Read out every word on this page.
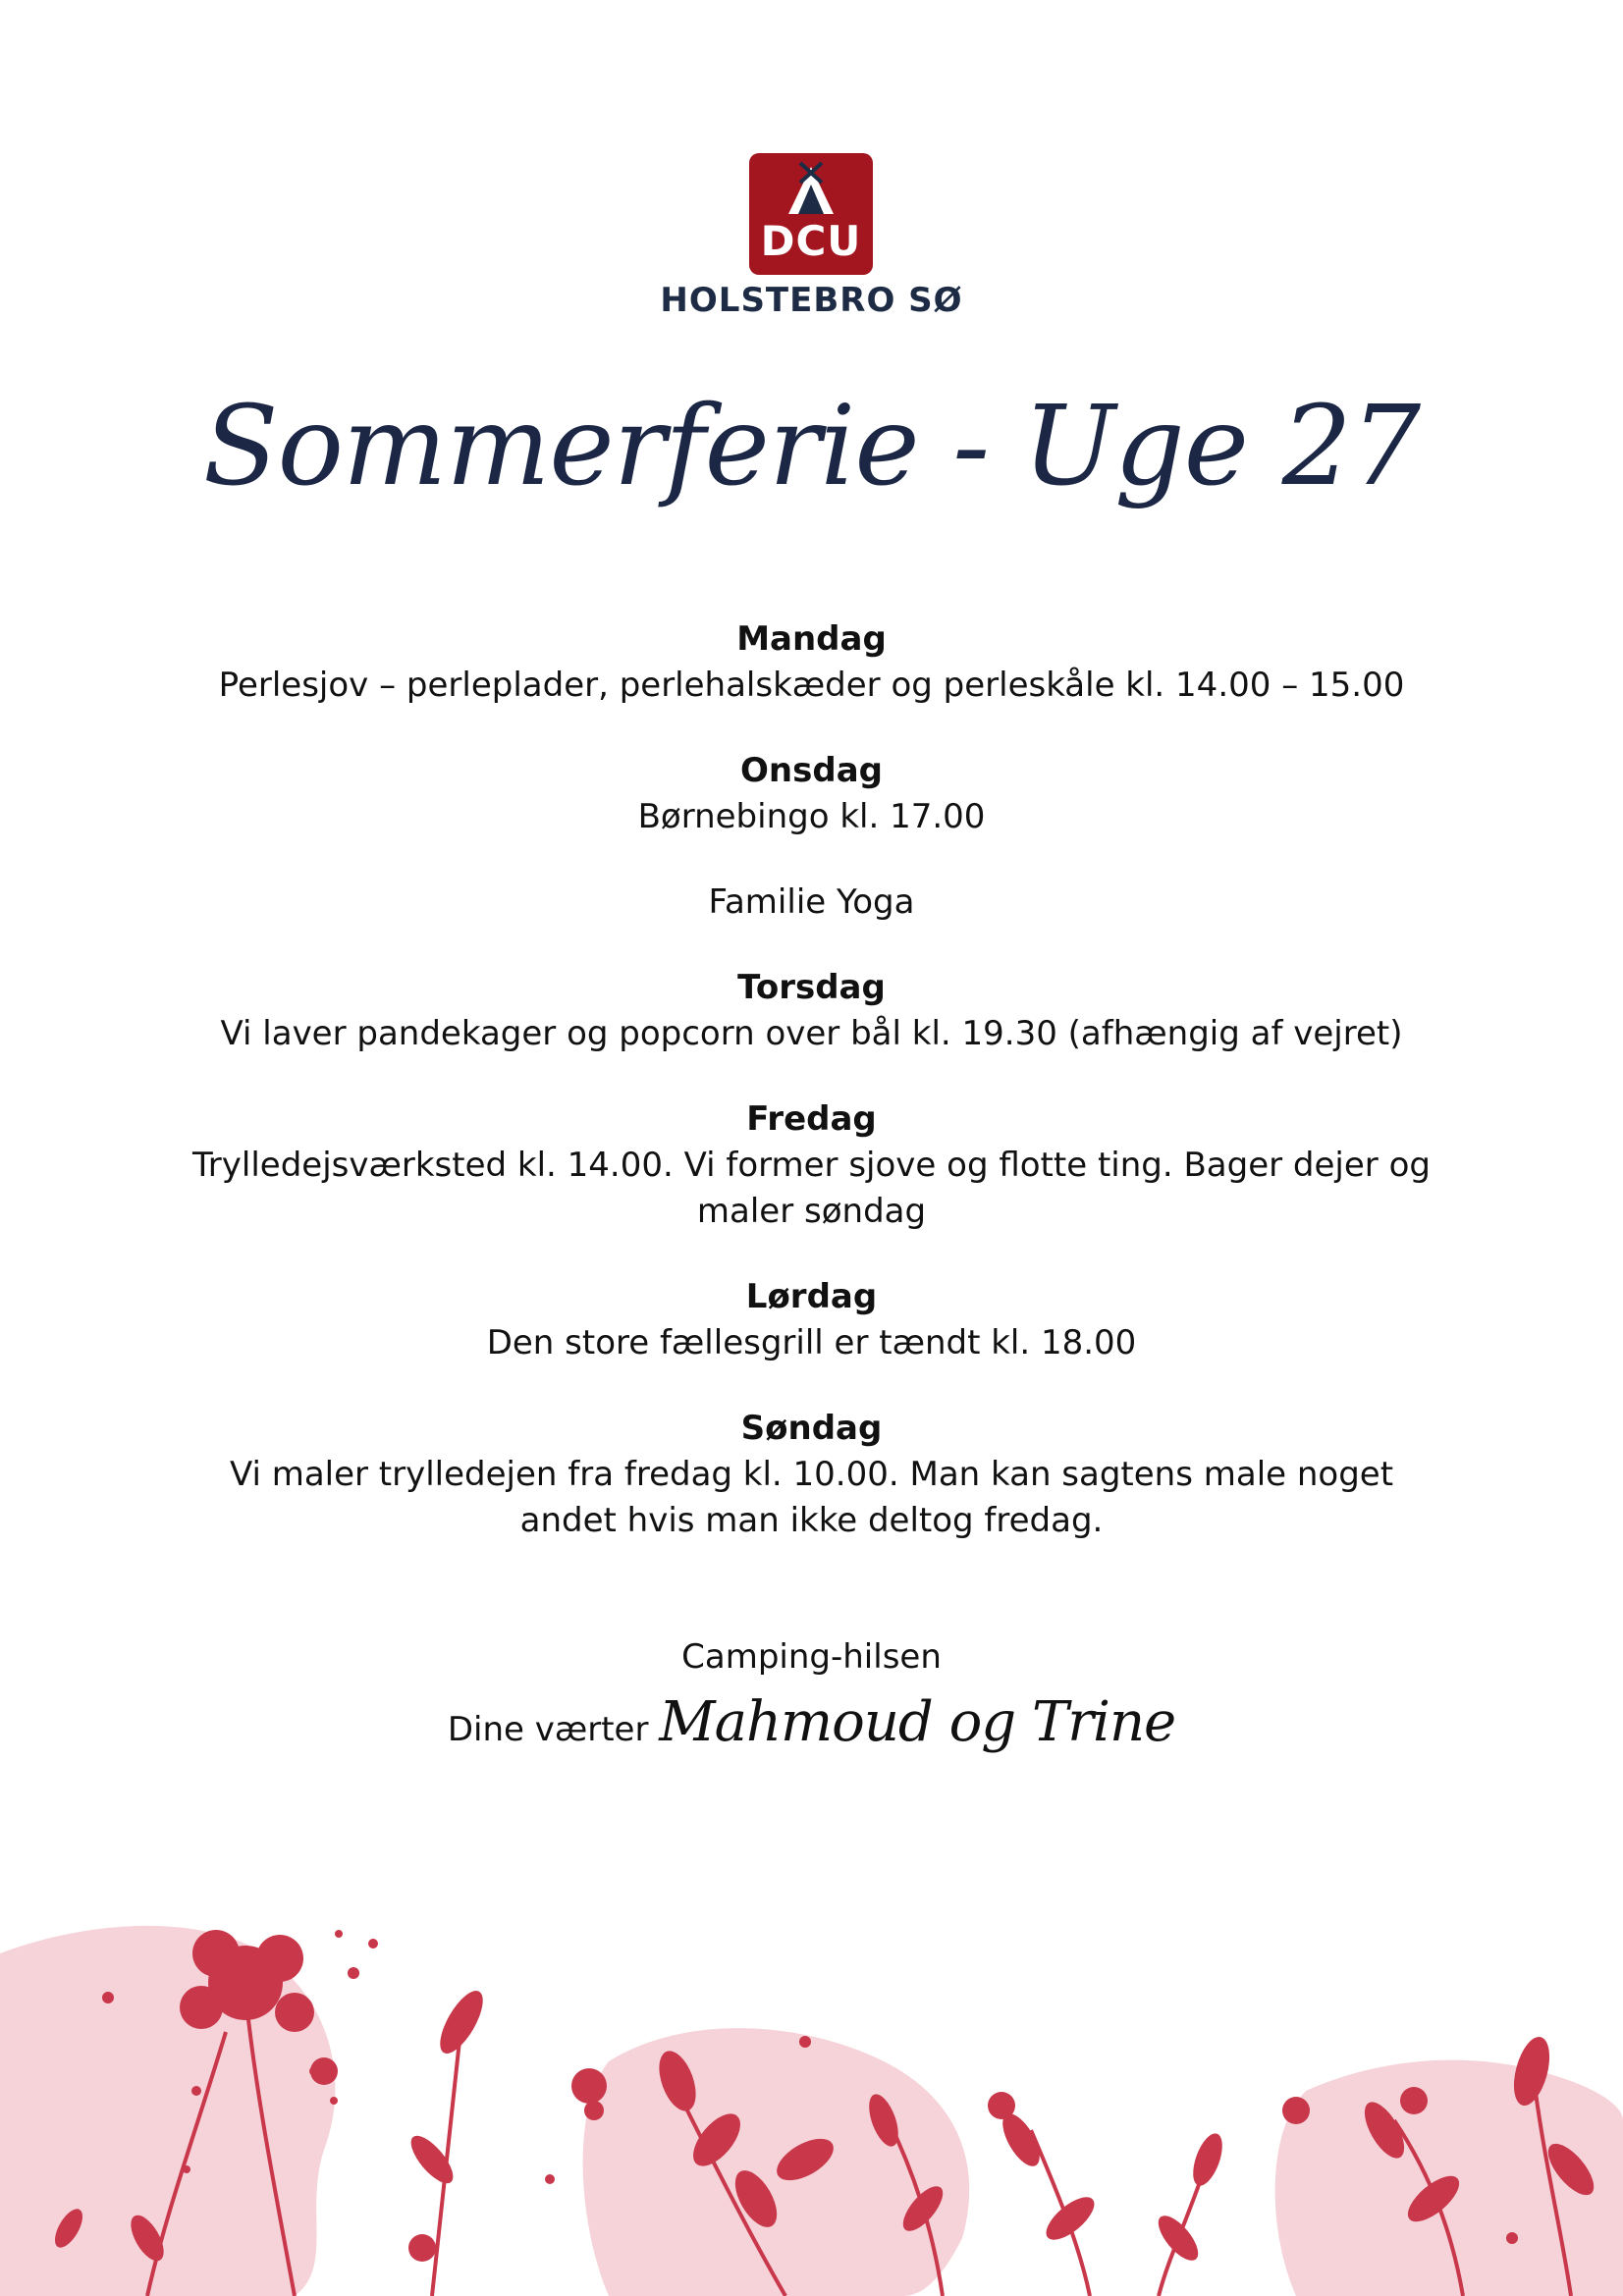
DCU
HOLSTEBRO SØ
Sommerferie - Uge 27
Mandag
Perlesjov – perleplader, perlehalskæder og perleskåle kl. 14.00 – 15.00
Onsdag
Børnebingo kl. 17.00
Familie Yoga
Torsdag
Vi laver pandekager og popcorn over bål kl. 19.30 (afhængig af vejret)
Fredag
Trylledejsværksted kl. 14.00. Vi former sjove og flotte ting. Bager dejer og
maler søndag
Lørdag
Den store fællesgrill er tændt kl. 18.00
Søndag
Vi maler trylledejen fra fredag kl. 10.00. Man kan sagtens male noget
andet hvis man ikke deltog fredag.
Camping-hilsen
Dine værter Mahmoud og Trine
